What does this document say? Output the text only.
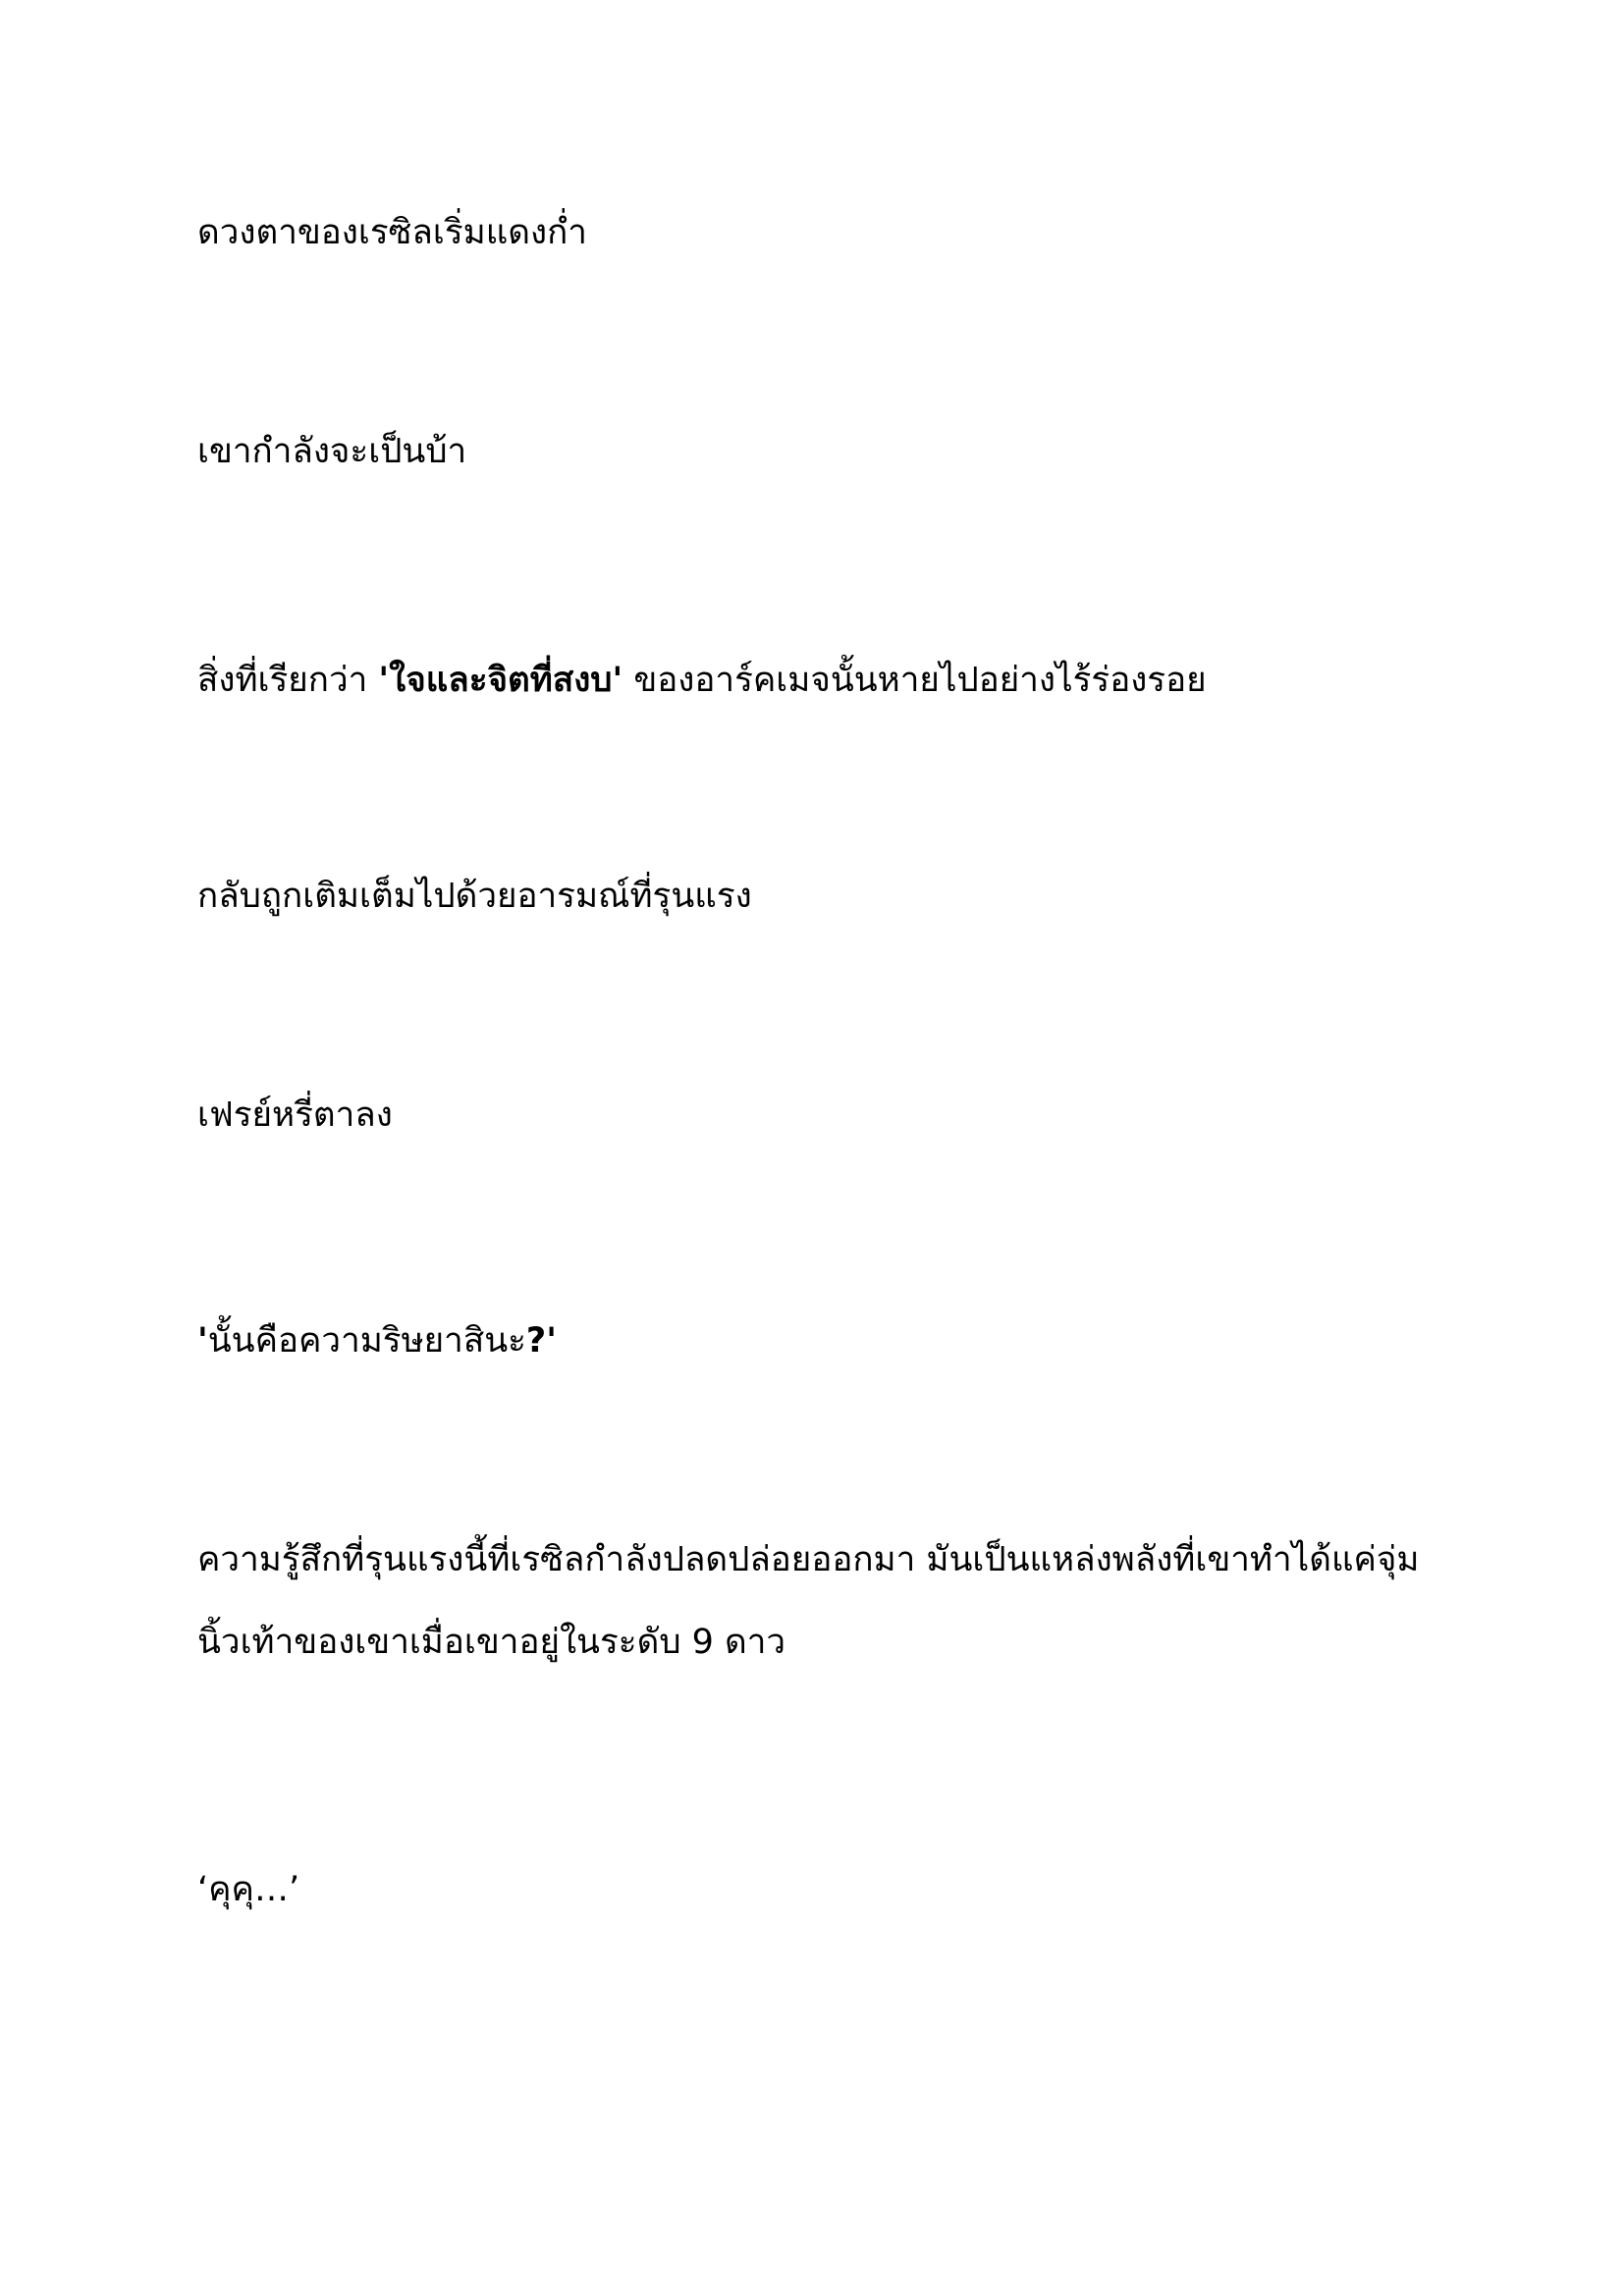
ดวงตาของเรซิลเริ่มแดงก่ำ

เขากำลังจะเป็นบ้า

สิ่งที่เรียกว่า 'ใจและจิตที่สงบ' ของอาร์คเมจนั้นหายไปอย่างไร้ร่องรอย

กลับถูกเติมเต็มไปด้วยอารมณ์ที่รุนแรง

เฟรย์หรี่ตาลง

'นั้นคือความริษยาสินะ?'

ความรู้สึกที่รุนแรงนี้ที่เรซิลกำลังปลดปล่อยออกมา มันเป็นแหล่งพลังที่เขาทำได้แค่จุ่ม
นิ้วเท้าของเขาเมื่อเขาอยู่ในระดับ 9 ดาว

‘คุคุ…’
